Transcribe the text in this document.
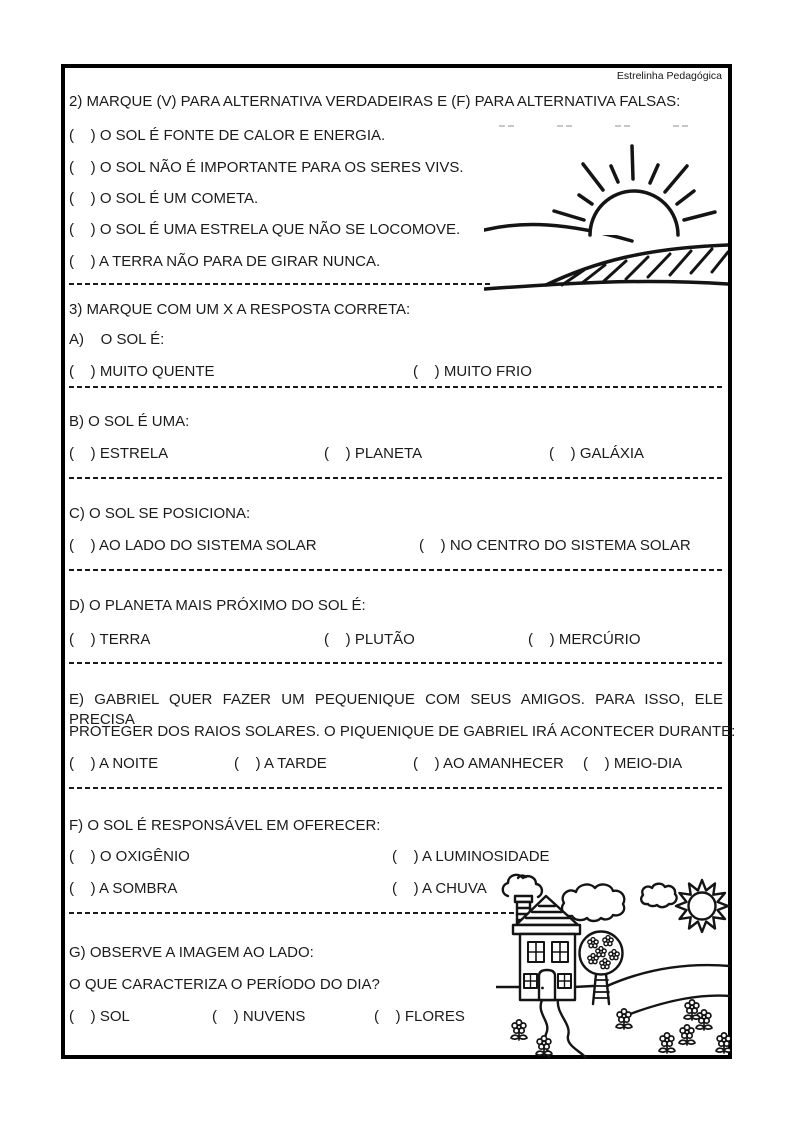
Estrelinha Pedagógica
2) MARQUE (V) PARA ALTERNATIVA VERDADEIRAS E (F) PARA ALTERNATIVA FALSAS:
(    ) O SOL É FONTE DE CALOR E ENERGIA.
(    ) O SOL NÃO É IMPORTANTE PARA OS SERES VIVS.
(    ) O SOL É UM COMETA.
(    ) O SOL É UMA ESTRELA QUE NÃO SE LOCOMOVE.
(    ) A TERRA NÃO PARA DE GIRAR NUNCA.
3) MARQUE COM UM X A RESPOSTA CORRETA:
A)    O SOL É:
(    ) MUITO QUENTE	(    ) MUITO FRIO
B) O SOL É UMA:
(    ) ESTRELA	(    ) PLANETA	(    ) GALÁXIA
C) O SOL SE POSICIONA:
(    ) AO LADO DO SISTEMA SOLAR	(    ) NO CENTRO DO SISTEMA SOLAR
D) O PLANETA MAIS PRÓXIMO DO SOL É:
(    ) TERRA	(    ) PLUTÃO	(    ) MERCÚRIO
E) GABRIEL QUER FAZER UM PEQUENIQUE COM SEUS AMIGOS. PARA ISSO, ELE PRECISA
PROTEGER DOS RAIOS SOLARES. O PIQUENIQUE DE GABRIEL IRÁ ACONTECER DURANTE:
(    ) A NOITE	(    ) A TARDE	(    ) AO AMANHECER (    ) MEIO-DIA
F) O SOL É RESPONSÁVEL EM OFERECER:
(    ) O OXIGÊNIO	(    ) A LUMINOSIDADE
(    ) A SOMBRA	(    ) A CHUVA
G) OBSERVE A IMAGEM AO LADO:
O QUE CARACTERIZA O PERÍODO DO DIA?
(    ) SOL	(    ) NUVENS	(    ) FLORES
